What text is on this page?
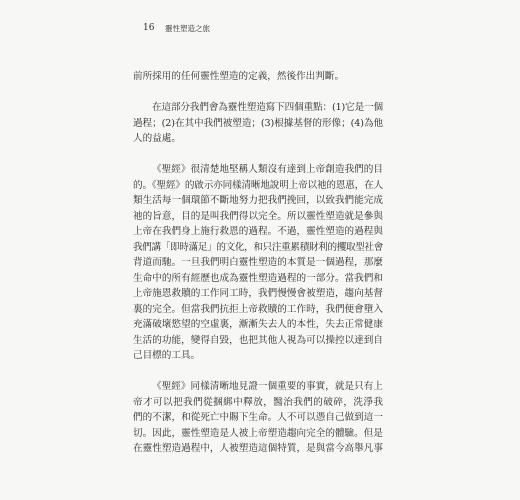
16 靈性塑造之旅
前所採用的任何靈性塑造的定義，然後作出判斷。
在這部分我們會為靈性塑造寫下四個重點：(1)它是一個
過程；(2)在其中我們被塑造；(3)根據基督的形像；(4)為他
人的益處。
《聖經》很清楚地堅稱人類沒有達到上帝創造我們的目
的。《聖經》的啟示亦同樣清晰地說明上帝以祂的恩惠，在人
類生活每一個環節不斷地努力把我們挽回，以致我們能完成
祂的旨意，目的是叫我們得以完全。所以靈性塑造就是參與
上帝在我們身上施行救恩的過程。不過，靈性塑造的過程與
我們講「即時滿足」的文化，和只注重累積財利的攫取型社會
背道而馳。一旦我們明白靈性塑造的本質是一個過程，那麼
生命中的所有經歷也成為靈性塑造過程的一部分。當我們和
上帝施恩救贖的工作同工時，我們慢慢會被塑造，趨向基督
裏的完全。但當我們抗拒上帝救贖的工作時，我們便會墮入
充滿破壞慾望的空虛裏，漸漸失去人的本性，失去正常健康
生活的功能，變得自毀，也把其他人視為可以操控以達到自
己目標的工具。
《聖經》同樣清晰地見證一個重要的事實，就是只有上
帝才可以把我們從捆綁中釋放，醫治我們的破碎，洗淨我
們的不潔，和從死亡中賜下生命。人不可以憑自己做到這一
切。因此，靈性塑造是人被上帝塑造趨向完全的體驗。但是
在靈性塑造過程中，人被塑造這個特質，是與當今高舉凡事
